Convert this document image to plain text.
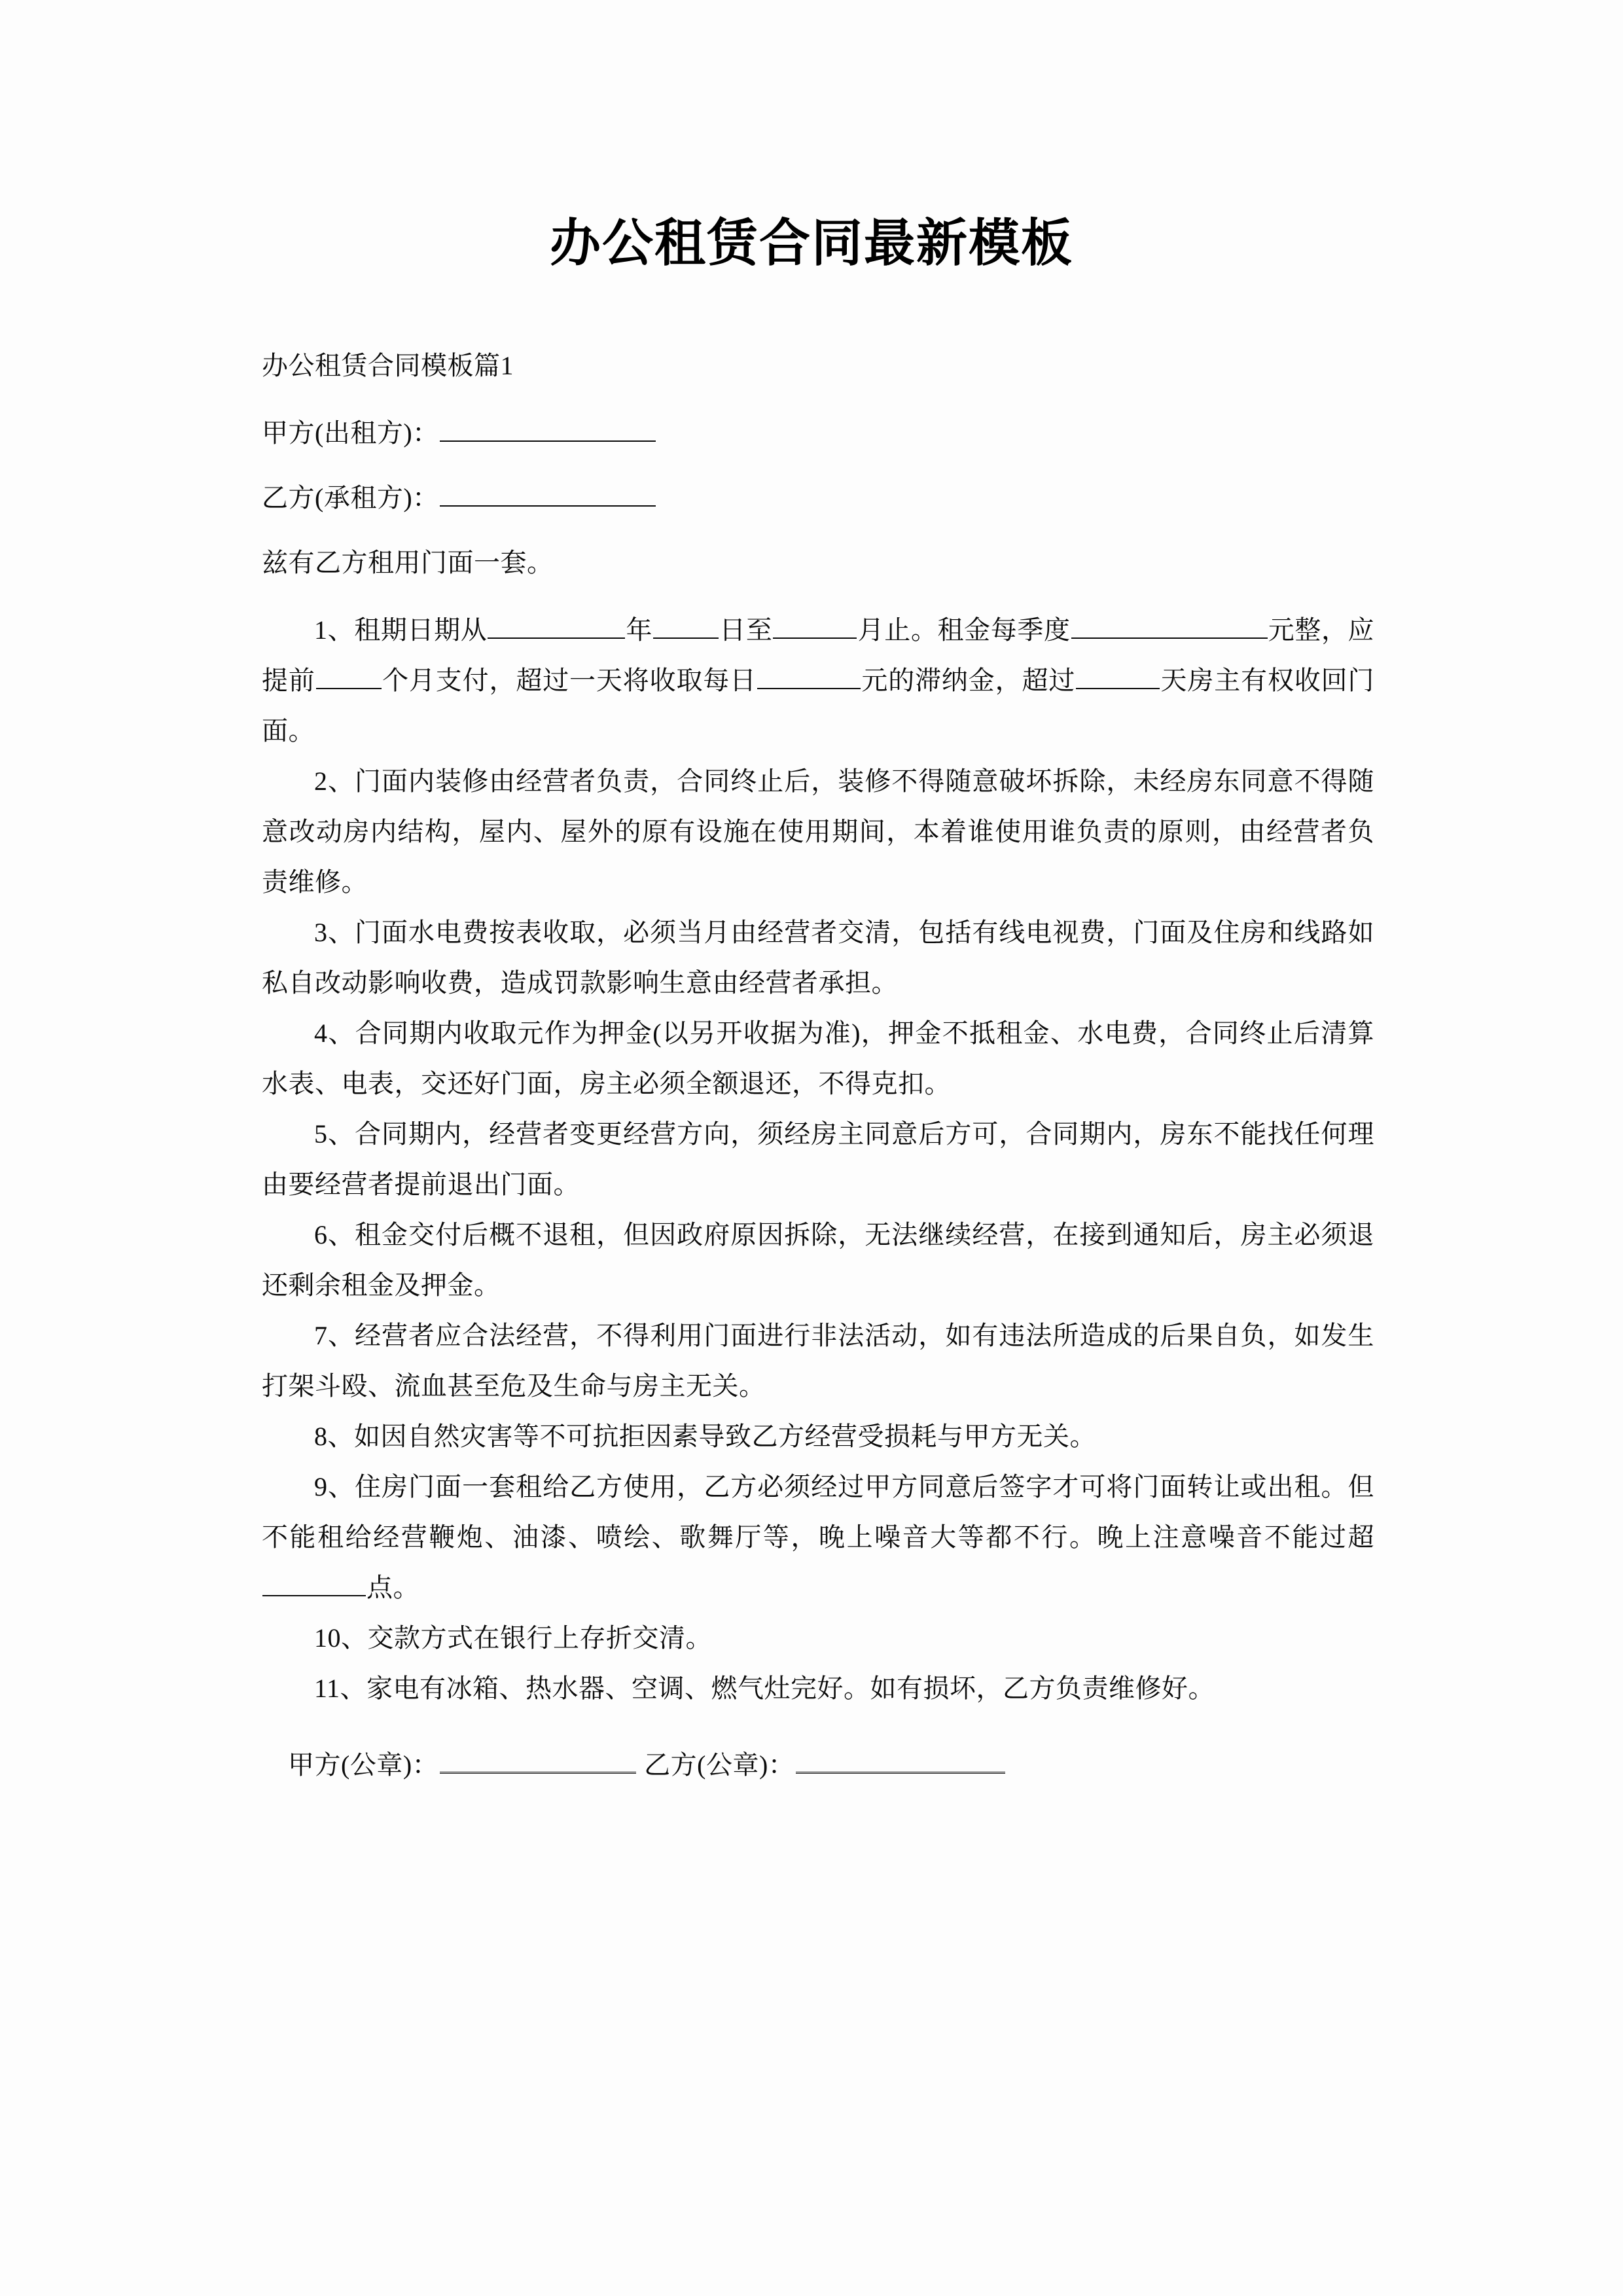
办公租赁合同最新模板

办公租赁合同模板篇1

甲方(出租方)：

乙方(承租方)：

兹有乙方租用门面一套。

1、租期日期从	年	日至	月止。租金每季度	元整，应提前	个月支付，超过一天将收取每日	元的滞纳金，超过	天房主有权收回门面。

2、门面内装修由经营者负责，合同终止后，装修不得随意破坏拆除，未经房东同意不得随意改动房内结构，屋内、屋外的原有设施在使用期间，本着谁使用谁负责的原则，由经营者负责维修。

3、门面水电费按表收取，必须当月由经营者交清，包括有线电视费，门面及住房和线路如私自改动影响收费，造成罚款影响生意由经营者承担。

4、合同期内收取元作为押金(以另开收据为准)，押金不抵租金、水电费，合同终止后清算水表、电表，交还好门面，房主必须全额退还，不得克扣。

5、合同期内，经营者变更经营方向，须经房主同意后方可，合同期内，房东不能找任何理由要经营者提前退出门面。

6、租金交付后概不退租，但因政府原因拆除，无法继续经营，在接到通知后，房主必须退还剩余租金及押金。

7、经营者应合法经营，不得利用门面进行非法活动，如有违法所造成的后果自负，如发生打架斗殴、流血甚至危及生命与房主无关。

8、如因自然灾害等不可抗拒因素导致乙方经营受损耗与甲方无关。

9、住房门面一套租给乙方使用，乙方必须经过甲方同意后签字才可将门面转让或出租。但不能租给经营鞭炮、油漆、喷绘、歌舞厅等，晚上噪音大等都不行。晚上注意噪音不能过超点。

10、交款方式在银行上存折交清。

11、家电有冰箱、热水器、空调、燃气灶完好。如有损坏，乙方负责维修好。

甲方(公章)：	乙方(公章)：
